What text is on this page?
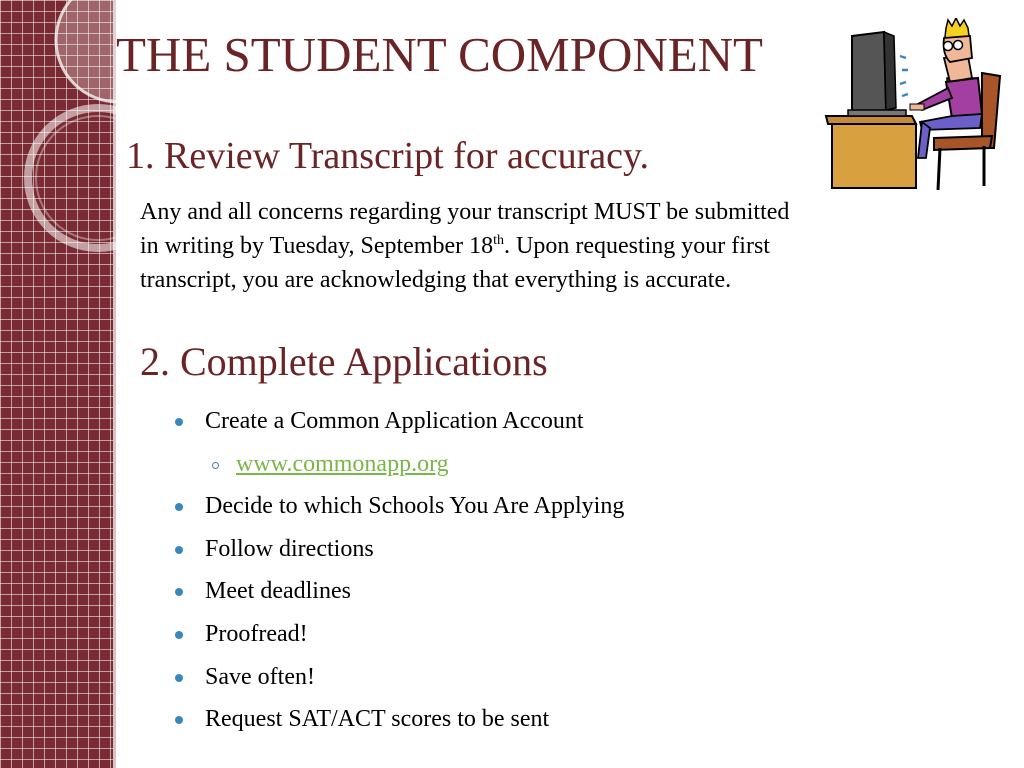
THE STUDENT COMPONENT
1. Review Transcript for accuracy.
Any and all concerns regarding your transcript MUST be submitted in writing by Tuesday, September 18th. Upon requesting your first transcript, you are acknowledging that everything is accurate.
2. Complete Applications
Create a Common Application Account
www.commonapp.org
Decide to which Schools You Are Applying
Follow directions
Meet deadlines
Proofread!
Save often!
Request SAT/ACT scores to be sent
